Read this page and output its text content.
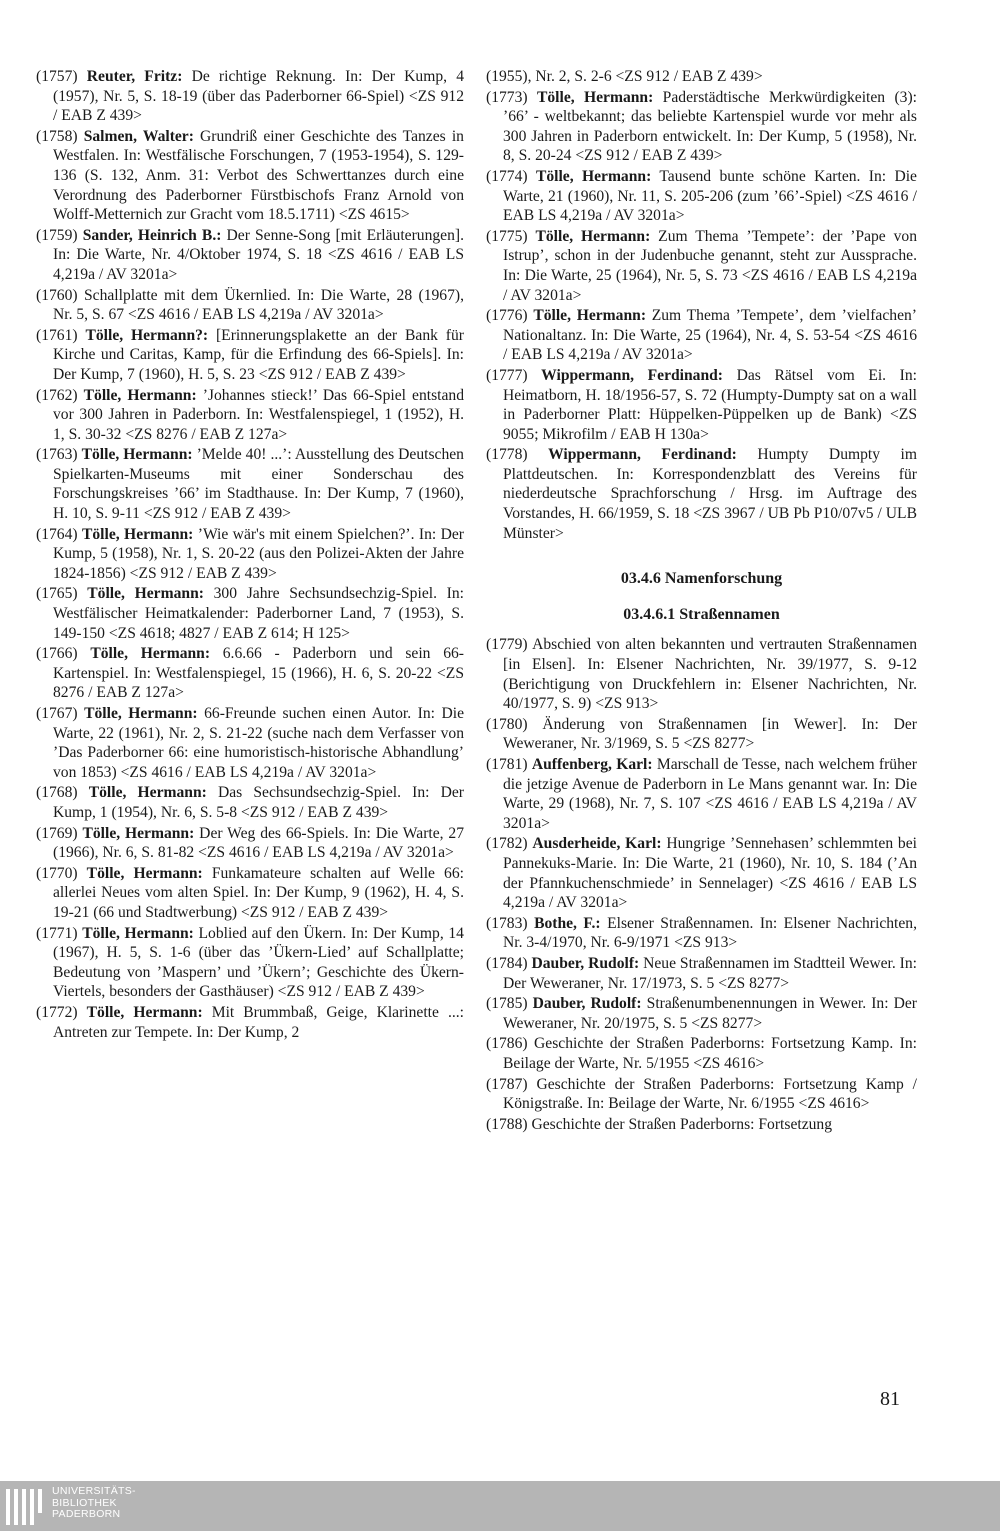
(1757) Reuter, Fritz: De richtige Reknung. In: Der Kump, 4 (1957), Nr. 5, S. 18-19 (über das Paderborner 66-Spiel) <ZS 912 / EAB Z 439>

(1758) Salmen, Walter: Grundriß einer Geschichte des Tanzes in Westfalen. In: Westfälische Forschungen, 7 (1953-1954), S. 129-136 (S. 132, Anm. 31: Verbot des Schwerttanzes durch eine Verordnung des Paderborner Fürstbischofs Franz Arnold von Wolff-Metternich zur Gracht vom 18.5.1711) <ZS 4615>

(1759) Sander, Heinrich B.: Der Senne-Song [mit Erläuterungen]. In: Die Warte, Nr. 4/Oktober 1974, S. 18 <ZS 4616 / EAB LS 4,219a / AV 3201a>

(1760) Schallplatte mit dem Ükernlied. In: Die Warte, 28 (1967), Nr. 5, S. 67 <ZS 4616 / EAB LS 4,219a / AV 3201a>

(1761) Tölle, Hermann?: [Erinnerungsplakette an der Bank für Kirche und Caritas, Kamp, für die Erfindung des 66-Spiels]. In: Der Kump, 7 (1960), H. 5, S. 23 <ZS 912 / EAB Z 439>

(1762) Tölle, Hermann: ’Johannes stieck!’ Das 66-Spiel entstand vor 300 Jahren in Paderborn. In: Westfalenspiegel, 1 (1952), H. 1, S. 30-32 <ZS 8276 / EAB Z 127a>

(1763) Tölle, Hermann: ’Melde 40! ...’: Ausstellung des Deutschen Spielkarten-Museums mit einer Sonderschau des Forschungskreises ’66’ im Stadthause. In: Der Kump, 7 (1960), H. 10, S. 9-11 <ZS 912 / EAB Z 439>

(1764) Tölle, Hermann: ’Wie wär's mit einem Spielchen?’. In: Der Kump, 5 (1958), Nr. 1, S. 20-22 (aus den Polizei-Akten der Jahre 1824-1856) <ZS 912 / EAB Z 439>

(1765) Tölle, Hermann: 300 Jahre Sechsundsechzig-Spiel. In: Westfälischer Heimatkalender: Paderborner Land, 7 (1953), S. 149-150 <ZS 4618; 4827 / EAB Z 614; H 125>

(1766) Tölle, Hermann: 6.6.66 - Paderborn und sein 66-Kartenspiel. In: Westfalenspiegel, 15 (1966), H. 6, S. 20-22 <ZS 8276 / EAB Z 127a>

(1767) Tölle, Hermann: 66-Freunde suchen einen Autor. In: Die Warte, 22 (1961), Nr. 2, S. 21-22 (suche nach dem Verfasser von ’Das Paderborner 66: eine humoristisch-historische Abhandlung’ von 1853) <ZS 4616 / EAB LS 4,219a / AV 3201a>

(1768) Tölle, Hermann: Das Sechsundsechzig-Spiel. In: Der Kump, 1 (1954), Nr. 6, S. 5-8 <ZS 912 / EAB Z 439>

(1769) Tölle, Hermann: Der Weg des 66-Spiels. In: Die Warte, 27 (1966), Nr. 6, S. 81-82 <ZS 4616 / EAB LS 4,219a / AV 3201a>

(1770) Tölle, Hermann: Funkamateure schalten auf Welle 66: allerlei Neues vom alten Spiel. In: Der Kump, 9 (1962), H. 4, S. 19-21 (66 und Stadtwerbung) <ZS 912 / EAB Z 439>

(1771) Tölle, Hermann: Loblied auf den Ükern. In: Der Kump, 14 (1967), H. 5, S. 1-6 (über das ’Ükern-Lied’ auf Schallplatte; Bedeutung von ’Maspern’ und ’Ükern’; Geschichte des Ükern-Viertels, besonders der Gasthäuser) <ZS 912 / EAB Z 439>

(1772) Tölle, Hermann: Mit Brummbaß, Geige, Klarinette ...: Antreten zur Tempete. In: Der Kump, 2

(1955), Nr. 2, S. 2-6 <ZS 912 / EAB Z 439>

(1773) Tölle, Hermann: Paderstädtische Merkwürdigkeiten (3): ’66’ - weltbekannt; das beliebte Kartenspiel wurde vor mehr als 300 Jahren in Paderborn entwickelt. In: Der Kump, 5 (1958), Nr. 8, S. 20-24 <ZS 912 / EAB Z 439>

(1774) Tölle, Hermann: Tausend bunte schöne Karten. In: Die Warte, 21 (1960), Nr. 11, S. 205-206 (zum ’66’-Spiel) <ZS 4616 / EAB LS 4,219a / AV 3201a>

(1775) Tölle, Hermann: Zum Thema ’Tempete’: der ’Pape von Istrup’, schon in der Judenbuche genannt, steht zur Aussprache. In: Die Warte, 25 (1964), Nr. 5, S. 73 <ZS 4616 / EAB LS 4,219a / AV 3201a>

(1776) Tölle, Hermann: Zum Thema ’Tempete’, dem ’vielfachen’ Nationaltanz. In: Die Warte, 25 (1964), Nr. 4, S. 53-54 <ZS 4616 / EAB LS 4,219a / AV 3201a>

(1777) Wippermann, Ferdinand: Das Rätsel vom Ei. In: Heimatborn, H. 18/1956-57, S. 72 (Humpty-Dumpty sat on a wall in Paderborner Platt: Hüppelken-Püppelken up de Bank) <ZS 9055; Mikrofilm / EAB H 130a>

(1778) Wippermann, Ferdinand: Humpty Dumpty im Plattdeutschen. In: Korrespondenzblatt des Vereins für niederdeutsche Sprachforschung / Hrsg. im Auftrage des Vorstandes, H. 66/1959, S. 18 <ZS 3967 / UB Pb P10/07v5 / ULB Münster>

03.4.6 Namenforschung

03.4.6.1 Straßennamen

(1779) Abschied von alten bekannten und vertrauten Straßennamen [in Elsen]. In: Elsener Nachrichten, Nr. 39/1977, S. 9-12 (Berichtigung von Druckfehlern in: Elsener Nachrichten, Nr. 40/1977, S. 9) <ZS 913>

(1780) Änderung von Straßennamen [in Wewer]. In: Der Weweraner, Nr. 3/1969, S. 5 <ZS 8277>

(1781) Auffenberg, Karl: Marschall de Tesse, nach welchem früher die jetzige Avenue de Paderborn in Le Mans genannt war. In: Die Warte, 29 (1968), Nr. 7, S. 107 <ZS 4616 / EAB LS 4,219a / AV 3201a>

(1782) Ausderheide, Karl: Hungrige ’Sennehasen’ schlemmten bei Pannekuks-Marie. In: Die Warte, 21 (1960), Nr. 10, S. 184 (’An der Pfannkuchenschmiede’ in Sennelager) <ZS 4616 / EAB LS 4,219a / AV 3201a>

(1783) Bothe, F.: Elsener Straßennamen. In: Elsener Nachrichten, Nr. 3-4/1970, Nr. 6-9/1971 <ZS 913>

(1784) Dauber, Rudolf: Neue Straßennamen im Stadtteil Wewer. In: Der Weweraner, Nr. 17/1973, S. 5 <ZS 8277>

(1785) Dauber, Rudolf: Straßenumbenennungen in Wewer. In: Der Weweraner, Nr. 20/1975, S. 5 <ZS 8277>

(1786) Geschichte der Straßen Paderborns: Fortsetzung Kamp. In: Beilage der Warte, Nr. 5/1955 <ZS 4616>

(1787) Geschichte der Straßen Paderborns: Fortsetzung Kamp / Königstraße. In: Beilage der Warte, Nr. 6/1955 <ZS 4616>

(1788) Geschichte der Straßen Paderborns: Fortsetzung

81
UNIVERSITÄTS-
BIBLIOTHEK
PADERBORN
